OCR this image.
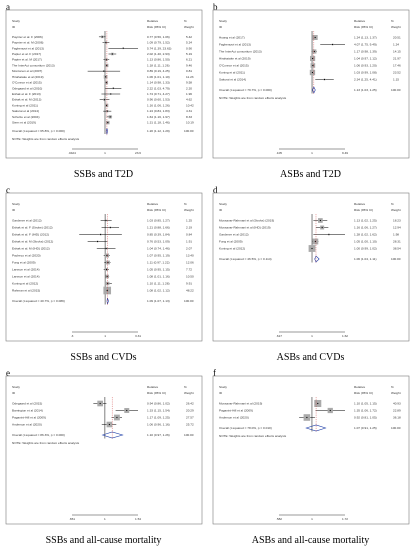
a
Study
ID
Relative
Risk (95% CI)
%
Weight
Paynter et al. F (2006)	0.77 (0.56, 1.06)	5.42
Paynter et al. M (2006)	1.09 (0.79, 1.52)	5.24
Fagherazzi et al (2013)	5.74 (1.39, 23.63)	0.90
Papier et al. F (2017)	2.02 (1.40, 2.93)	5.19
Papier et al. M (2017)	1.13 (0.86, 1.50)	6.21
The InterAct consortium (2013)	1.18 (1.11, 1.26)	9.46
Montonen et al (2007)	0.89 (0.19, 4.25)	0.81
Hirahatake et al (2019)	1.06 (1.01, 1.10)	11.23
O'Connor et al (2015)	1.14 (0.98, 1.33)	9.58
Odegaard et al (2010)	2.22 (1.03, 4.79)	2.20
Eshak et al. F (2013)	1.74 (0.71, 4.27)	1.96
Eshak et al. M (2013)	0.96 (0.60, 1.53)	4.62
Koning et al (2011)	1.16 (1.06, 1.26)	10.42
Sakurai et al (2014)	1.24 (0.84, 1.83)	4.31
Schulze et al (2004)	1.64 (1.16, 1.97)	8.33
Stern et al (2019)	1.31 (1.18, 1.46)	10.19
Overall (I-squared = 65.8%, p = 0.000)	1.20 (1.12, 1.29)	100.00
NOTE: Weights are from random effects analysis
.0424	1	23.6
SSBs and T2D
b
Study
ID
Relative
Risk (95% CI)
%
Weight
Huang et al (2017)	1.24 (1.13, 1.37)	20.51
Fagherazzi et al (2013)	4.07 (1.75, 9.49)	1.24
The InterAct consortium (2013)	1.17 (0.98, 1.39)	14.15
Hirahatake et al (2019)	1.04 (0.97, 1.12)	21.97
O'Connor et al (2015)	1.06 (0.93, 1.20)	17.46
Koning et al (2011)	1.03 (0.99, 1.08)	23.52
Sakurai et al (2014)	2.34 (1.25, 4.41)	1.15
Overall (I-squared = 79.7%, p = 0.000)	1.13 (1.03, 1.25)	100.00
NOTE: Weights are from random effects analysis
.105	1	9.49
ASBs and T2D
c
Study
ID
Relative
Risk (95% CI)
%
Weight
Gardener et al (2012)	1.03 (0.85, 1.27)	1.25
Eshak et al. F (Stroke) (2012)	1.21 (0.88, 1.66)	2.19
Eshak et al. F (IHD) (2012)	0.85 (0.39, 1.84)	0.84
Eshak et al. M (Stroke) (2012)	0.76 (0.53, 1.09)	1.91
Eshak et al. M (IHD) (2012)	1.04 (0.74, 1.46)	2.07
Pacheco et al (2020)	1.07 (0.95, 1.19)	13.40
Fung et al (2009)	1.11 (0.97, 1.22)	12.06
Larsson et al (2014)	1.05 (0.95, 1.15)	7.72
Larsson et al (2014)	1.08 (1.01, 1.16)	10.50
Koning et al (2012)	1.10 (1.11, 1.28)	9.91
Rahman et al (2015)	1.08 (1.02, 1.12)	48.22
Overall (I-squared = 40.7%, p = 0.089)	1.09 (1.07, 1.13)	100.00
.3	1	3.31
SSBs and CVDs
d
Study
ID
Relative
Risk (95% CI)
%
Weight
Mossavar-Rahmani et al (Stroke) (2019)	1.13 (1.02, 1.25)	18.23
Mossavar-Rahmani et al (IHD) (2019)	1.16 (1.06, 1.27)	12.94
Gardener et al (2012)	1.28 (1.02, 1.62)	1.98
Fung et al (2009)	1.05 (1.00, 1.10)	28.31
Koning et al (2012)	1.00 (0.99, 1.02)	38.54
Overall (I-squared = 46.5%, p = 0.114)	1.06 (1.04, 1.11)	100.00
.617	1	1.62
ASBs and CVDs
e
Study
ID
Relative
Risk (95% CI)
%
Weight
Odegaard et al (2015)	0.94 (0.86, 1.02)	26.42
Barrington et al (2014)	1.33 (1.15, 1.54)	20.29
Paganini-Hill et al (2009)	1.17 (1.09, 1.25)	27.57
Anderson et al (2020)	1.06 (0.96, 1.16)	25.72
Overall (I-squared = 86.3%, p = 0.000)	1.10 (0.97, 1.26)	100.00
NOTE: Weights are from random effects analysis
.651	1	1.54
SSBs and all-cause mortality
f
Study
ID
Relative
Risk (95% CI)
%
Weight
Mossavar-Rahmani et al (2019)	1.10 (1.05, 1.15)	40.93
Paganini-Hill et al (2009)	1.35 (1.06, 1.72)	22.89
Anderson et al (2020)	0.92 (0.81, 1.05)	36.18
Overall (I-squared = 78.0%, p = 0.010)	1.07 (0.91, 1.25)	100.00
NOTE: Weights are from random effects analysis
.582	1	1.72
ASBs and all-cause mortality
